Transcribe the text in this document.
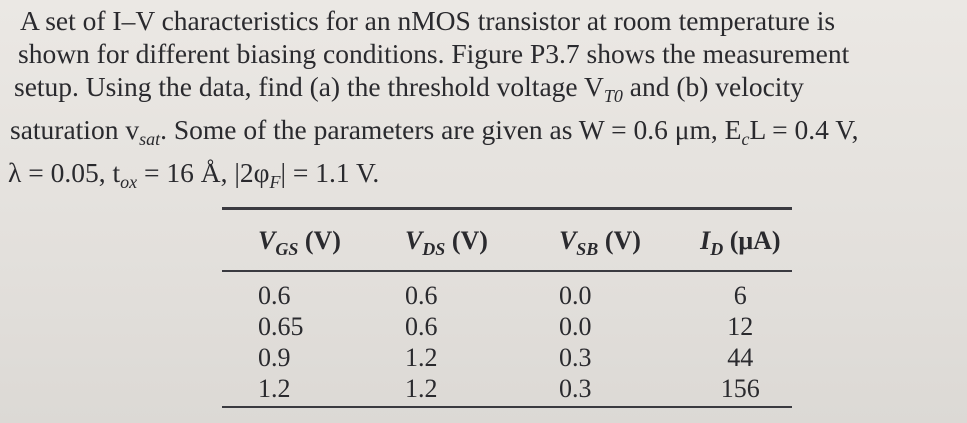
A set of I–V characteristics for an nMOS transistor at room temperature is
shown for different biasing conditions. Figure P3.7 shows the measurement
setup. Using the data, find (a) the threshold voltage $V_{T0}$ and (b) velocity
saturation $v_{sat}$. Some of the parameters are given as W = 0.6 μm, $E_cL = 0.4$ V,
λ = 0.05, $t_{ox} = 16$ Å, $|2\varphi_F| = 1.1$ V.
$V_{GS}$ (V)	$V_{DS}$ (V)	$V_{SB}$ (V)	$I_D$ (μA)
0.6	0.6	0.0	6
0.65	0.6	0.0	12
0.9	1.2	0.3	44
1.2	1.2	0.3	156
